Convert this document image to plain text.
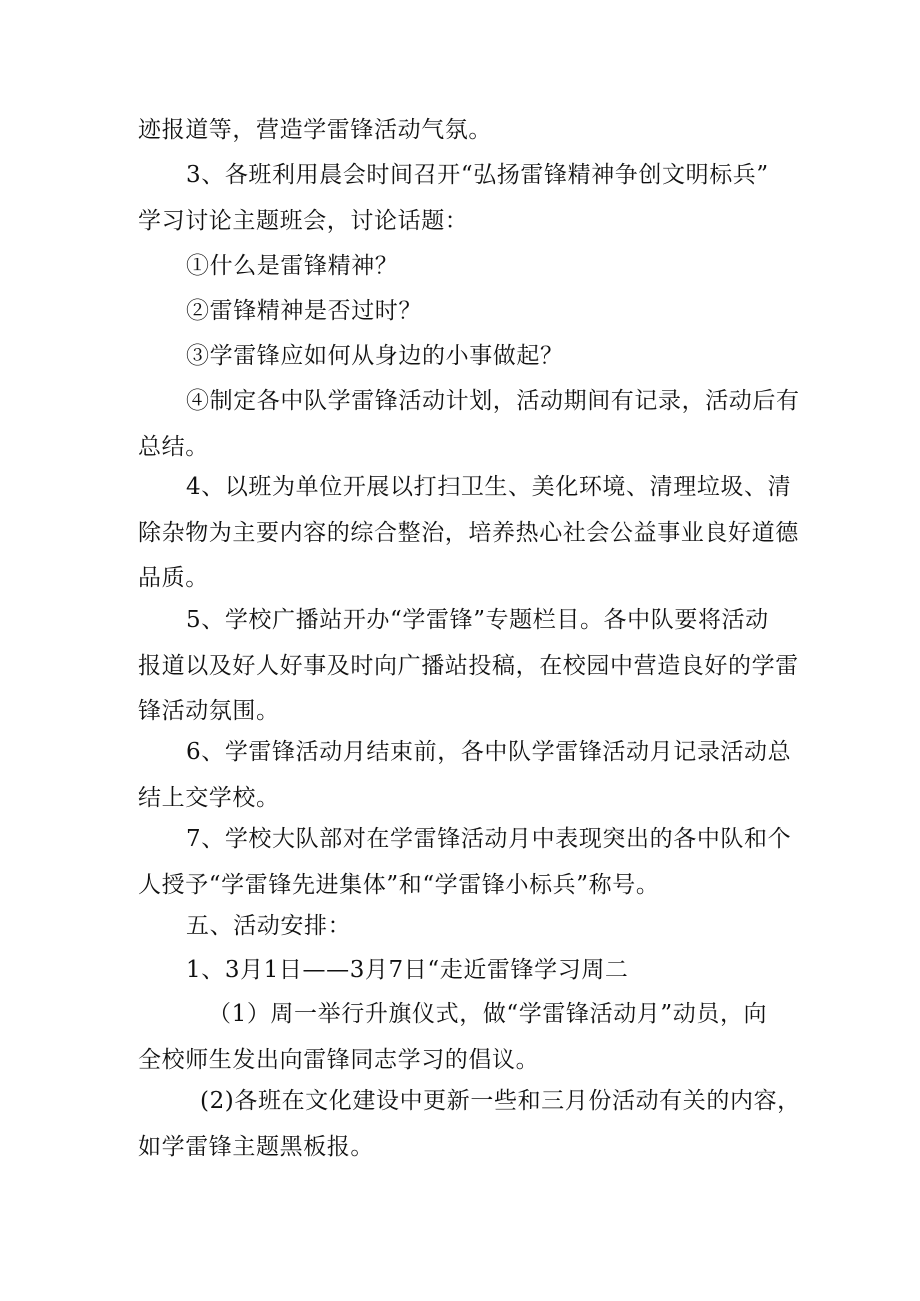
迹报道等，营造学雷锋活动气氛。

3、各班利用晨会时间召开“弘扬雷锋精神争创文明标兵”
学习讨论主题班会，讨论话题：

①什么是雷锋精神？

②雷锋精神是否过时？

③学雷锋应如何从身边的小事做起？

④制定各中队学雷锋活动计划，活动期间有记录，活动后有
总结。

4、以班为单位开展以打扫卫生、美化环境、清理垃圾、清
除杂物为主要内容的综合整治，培养热心社会公益事业良好道德
品质。

5、学校广播站开办“学雷锋”专题栏目。各中队要将活动
报道以及好人好事及时向广播站投稿，在校园中营造良好的学雷
锋活动氛围。

6、学雷锋活动月结束前，各中队学雷锋活动月记录活动总
结上交学校。

7、学校大队部对在学雷锋活动月中表现突出的各中队和个
人授予“学雷锋先进集体”和“学雷锋小标兵”称号。

五、活动安排：

1、3月1日——3月7日“走近雷锋学习周二

（1）周一举行升旗仪式，做“学雷锋活动月”动员，向
全校师生发出向雷锋同志学习的倡议。

(2)各班在文化建设中更新一些和三月份活动有关的内容，
如学雷锋主题黑板报。
